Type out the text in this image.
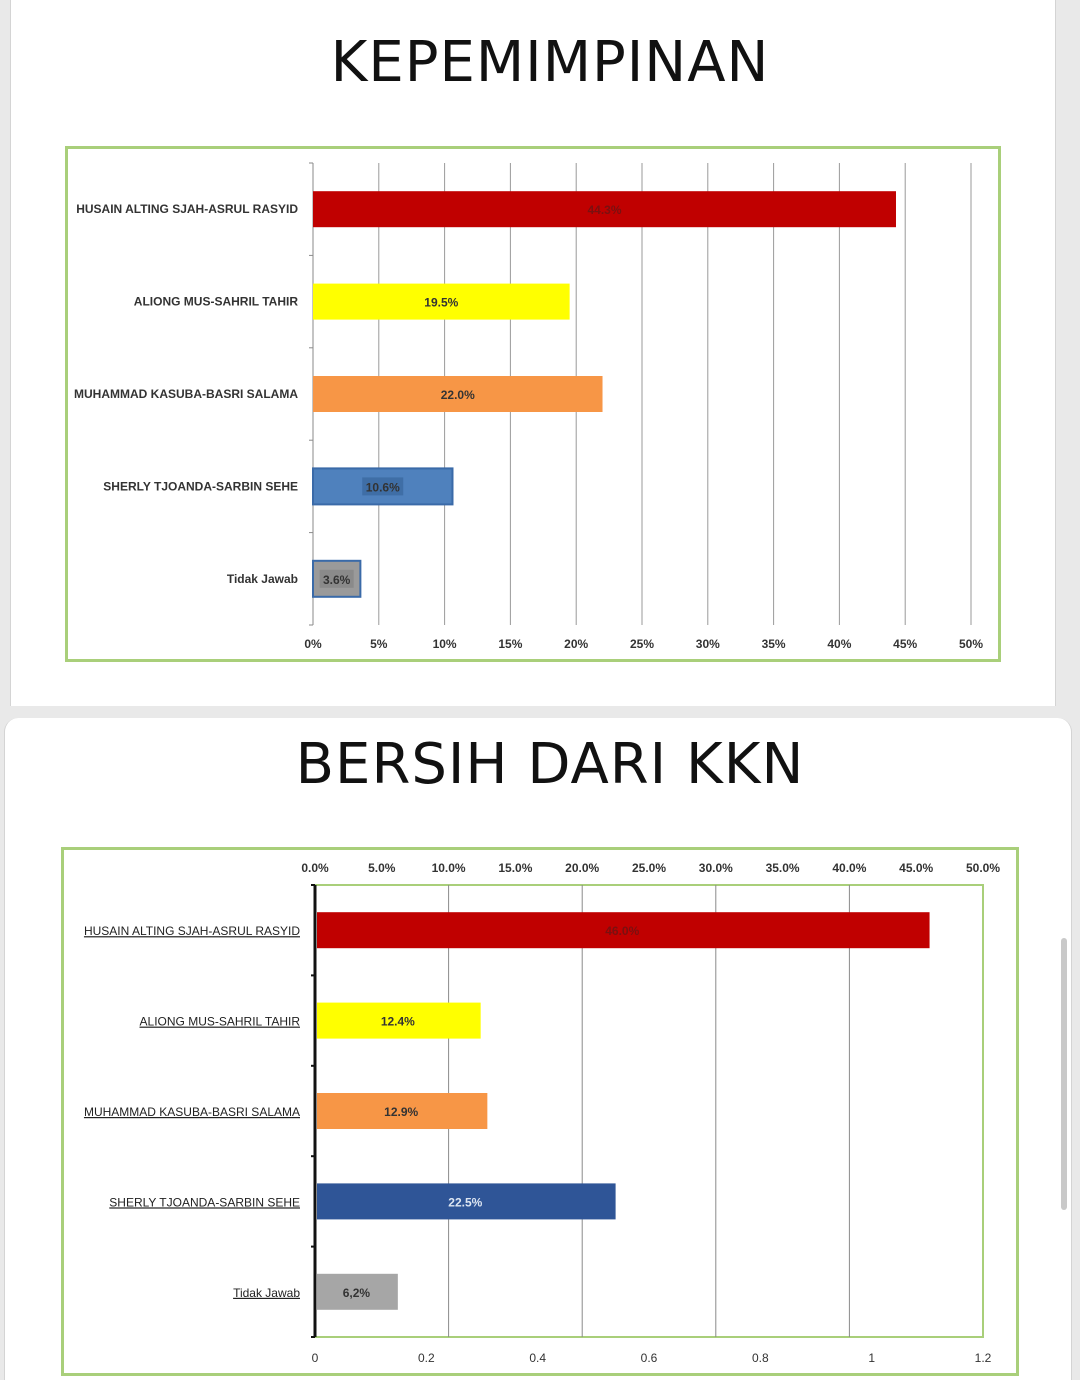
KEPEMIMPINAN
BERSIH DARI KKN
0%	5%	10%	15%	20%	25%	30%	35%	40%	45%	50%
HUSAIN ALTING SJAH-ASRUL RASYID	44.3%
ALIONG MUS-SAHRIL TAHIR	19.5%
MUHAMMAD KASUBA-BASRI SALAMA	22.0%
SHERLY TJOANDA-SARBIN SEHE	10.6%
Tidak Jawab 3.6%
0.0%	5.0%	10.0%	15.0%	20.0%	25.0%	30.0%	35.0%	40.0%	45.0%	50.0%
0	0.2	0.4	0.6	0.8	1	1.2
HUSAIN ALTING SJAH-ASRUL RASYID	46.0%
ALIONG MUS-SAHRIL TAHIR	12.4%
MUHAMMAD KASUBA-BASRI SALAMA	12.9%
SHERLY TJOANDA-SARBIN SEHE	22.5%
Tidak Jawab	6,2%
